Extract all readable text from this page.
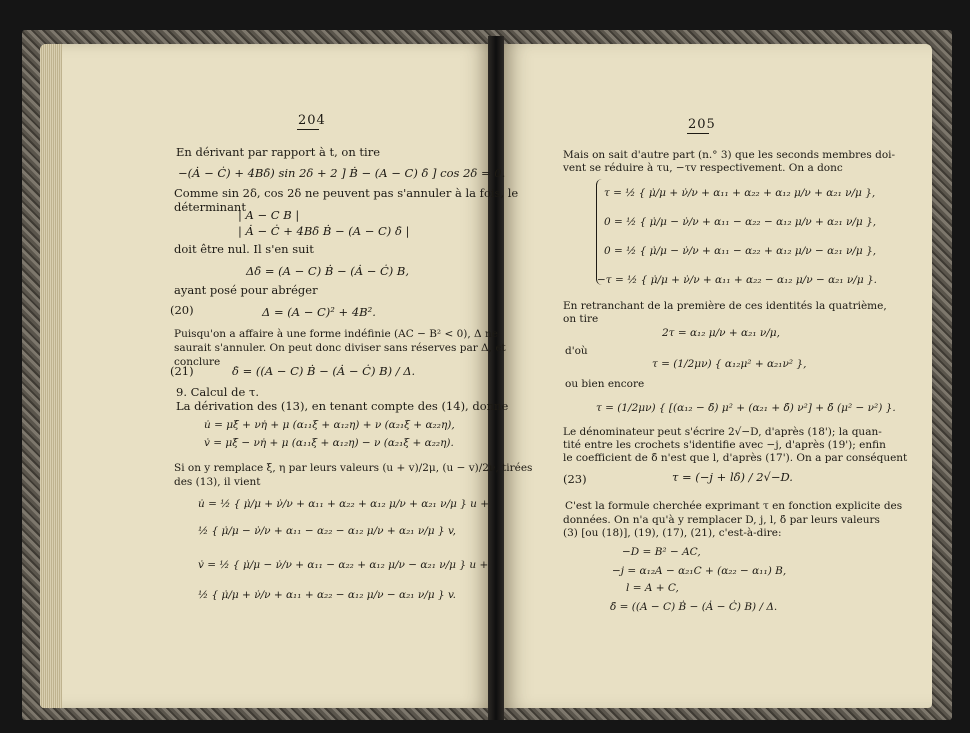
204
En dérivant par rapport à t, on tire
−(Ȧ − Ċ) + 4Bδ̇) sin 2δ + 2 ] Ḃ − (A − C) δ̇ ] cos 2δ = 0.
Comme sin 2δ, cos 2δ ne peuvent pas s'annuler à la fois, le
déterminant
| A − C B |
| Ȧ − Ċ + 4Bδ̇ Ḃ − (A − C) δ̇ |
doit être nul. Il s'en suit
Δδ̇ = (A − C) Ḃ − (Ȧ − Ċ) B,
ayant posé pour abréger
(20)	Δ = (A − C)² + 4B².
Puisqu'on a affaire à une forme indéfinie (AC − B² < 0), Δ ne
saurait s'annuler. On peut donc diviser sans réserves par Δ, et
conclure
(21)	δ̇ = ((A − C) Ḃ − (Ȧ − Ċ) B) / Δ.
9. Calcul de τ.
La dérivation des (13), en tenant compte des (14), donne
u̇ = μξ̇ + νη̇ + μ (α₁₁ξ + α₁₂η) + ν (α₂₁ξ + α₂₂η),
v̇ = μξ̇ − νη̇ + μ (α₁₁ξ + α₁₂η) − ν (α₂₁ξ + α₂₂η).
Si on y remplace ξ, η par leurs valeurs (u + v)/2μ, (u − v)/2ν, tirées
des (13), il vient
u̇ = ½ { μ̇/μ + ν̇/ν + α₁₁ + α₂₂ + α₁₂ μ/ν + α₂₁ ν/μ } u +
½ { μ̇/μ − ν̇/ν + α₁₁ − α₂₂ − α₁₂ μ/ν + α₂₁ ν/μ } v,
v̇ = ½ { μ̇/μ − ν̇/ν + α₁₁ − α₂₂ + α₁₂ μ/ν − α₂₁ ν/μ } u +
½ { μ̇/μ + ν̇/ν + α₁₁ + α₂₂ − α₁₂ μ/ν − α₂₁ ν/μ } v.
205
Mais on sait d'autre part (n.° 3) que les seconds membres doi-
vent se réduire à τu, −τv respectivement. On a donc
τ = ½ { μ̇/μ + ν̇/ν + α₁₁ + α₂₂ + α₁₂ μ/ν + α₂₁ ν/μ },
0 = ½ { μ̇/μ − ν̇/ν + α₁₁ − α₂₂ − α₁₂ μ/ν + α₂₁ ν/μ },
0 = ½ { μ̇/μ − ν̇/ν + α₁₁ − α₂₂ + α₁₂ μ/ν − α₂₁ ν/μ },
−τ = ½ { μ̇/μ + ν̇/ν + α₁₁ + α₂₂ − α₁₂ μ/ν − α₂₁ ν/μ }.
En retranchant de la première de ces identités la quatrième,
on tire
2τ = α₁₂ μ/ν + α₂₁ ν/μ,
d'où
τ = (1/2μν) { α₁₂μ² + α₂₁ν² },
ou bien encore
τ = (1/2μν) { [(α₁₂ − δ̇) μ² + (α₂₁ + δ̇) ν²] + δ̇ (μ² − ν²) }.
Le dénominateur peut s'écrire 2√−D, d'après (18'); la quan-
tité entre les crochets s'identifie avec −j, d'après (19'); enfin
le coefficient de δ̇ n'est que l, d'après (17'). On a par conséquent
(23)	τ = (−j + lδ̇) / 2√−D.
C'est la formule cherchée exprimant τ en fonction explicite des
données. On n'a qu'à y remplacer D, j, l, δ̇ par leurs valeurs
(3) [ou (18)], (19), (17), (21), c'est-à-dire:
−D = B² − AC,
−j = α₁₂A − α₂₁C + (α₂₂ − α₁₁) B,
l = A + C,
δ̇ = ((A − C) Ḃ − (Ȧ − Ċ) B) / Δ.
